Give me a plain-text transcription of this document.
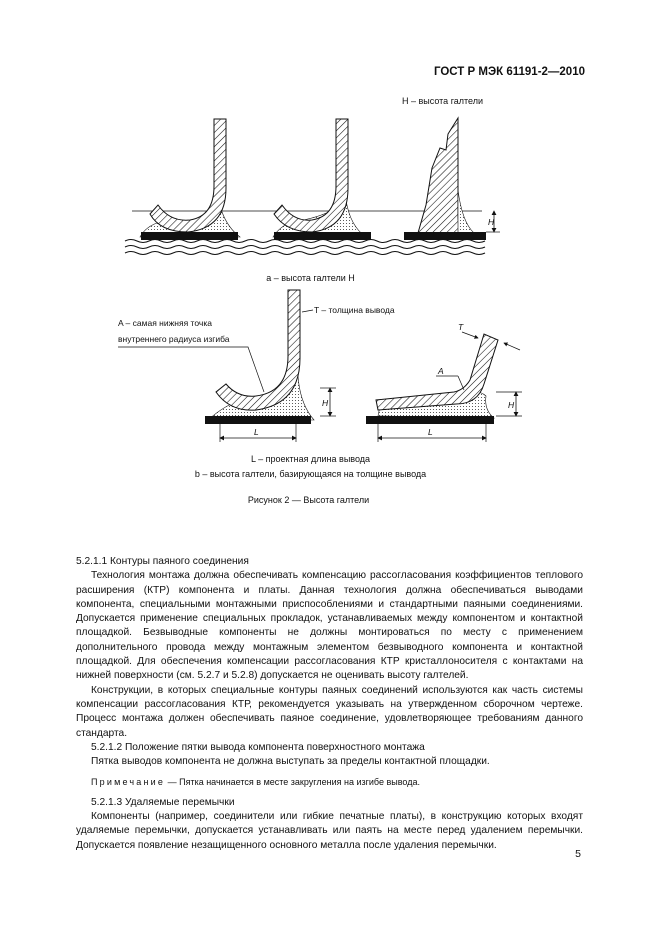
ГОСТ Р МЭК 61191-2—2010
H – высота галтели
H
T – толщина вывода
A – самая нижняя точка
внутреннего радиуса изгиба
H
L
T
A
H
L
a – высота галтели H
L – проектная длина вывода
b – высота галтели, базирующаяся на толщине вывода
Рисунок 2 — Высота галтели

5.2.1.1 Контуры паяного соединения

Технология монтажа должна обеспечивать компенсацию рассогласования коэффициентов теплового расширения (КТР) компонента и платы. Данная технология должна обеспечиваться выводами компонента, специальными монтажными приспособлениями и стандартными паяными соединениями. Допускается применение специальных прокладок, устанавливаемых между компонентом и контактной площадкой. Безвыводные компоненты не должны монтироваться по месту с применением дополнительного провода между монтажным элементом безвыводного компонента и контактной площадкой. Для обеспечения компенсации рассогласования КТР кристаллоносителя с контактами на нижней поверхности (см. 5.2.7 и 5.2.8) допускается не оценивать высоту галтелей.

Конструкции, в которых специальные контуры паяных соединений используются как часть системы компенсации рассогласования КТР, рекомендуется указывать на утвержденном сборочном чертеже. Процесс монтажа должен обеспечивать паяное соединение, удовлетворяющее требованиям данного стандарта.

5.2.1.2 Положение пятки вывода компонента поверхностного монтажа

Пятка выводов компонента не должна выступать за пределы контактной площадки.

Примечание — Пятка начинается в месте закругления на изгибе вывода.

5.2.1.3 Удаляемые перемычки

Компоненты (например, соединители или гибкие печатные платы), в конструкцию которых входят удаляемые перемычки, допускается устанавливать или паять на месте перед удалением перемычки. Допускается появление незащищенного основного металла после удаления перемычки.

5
